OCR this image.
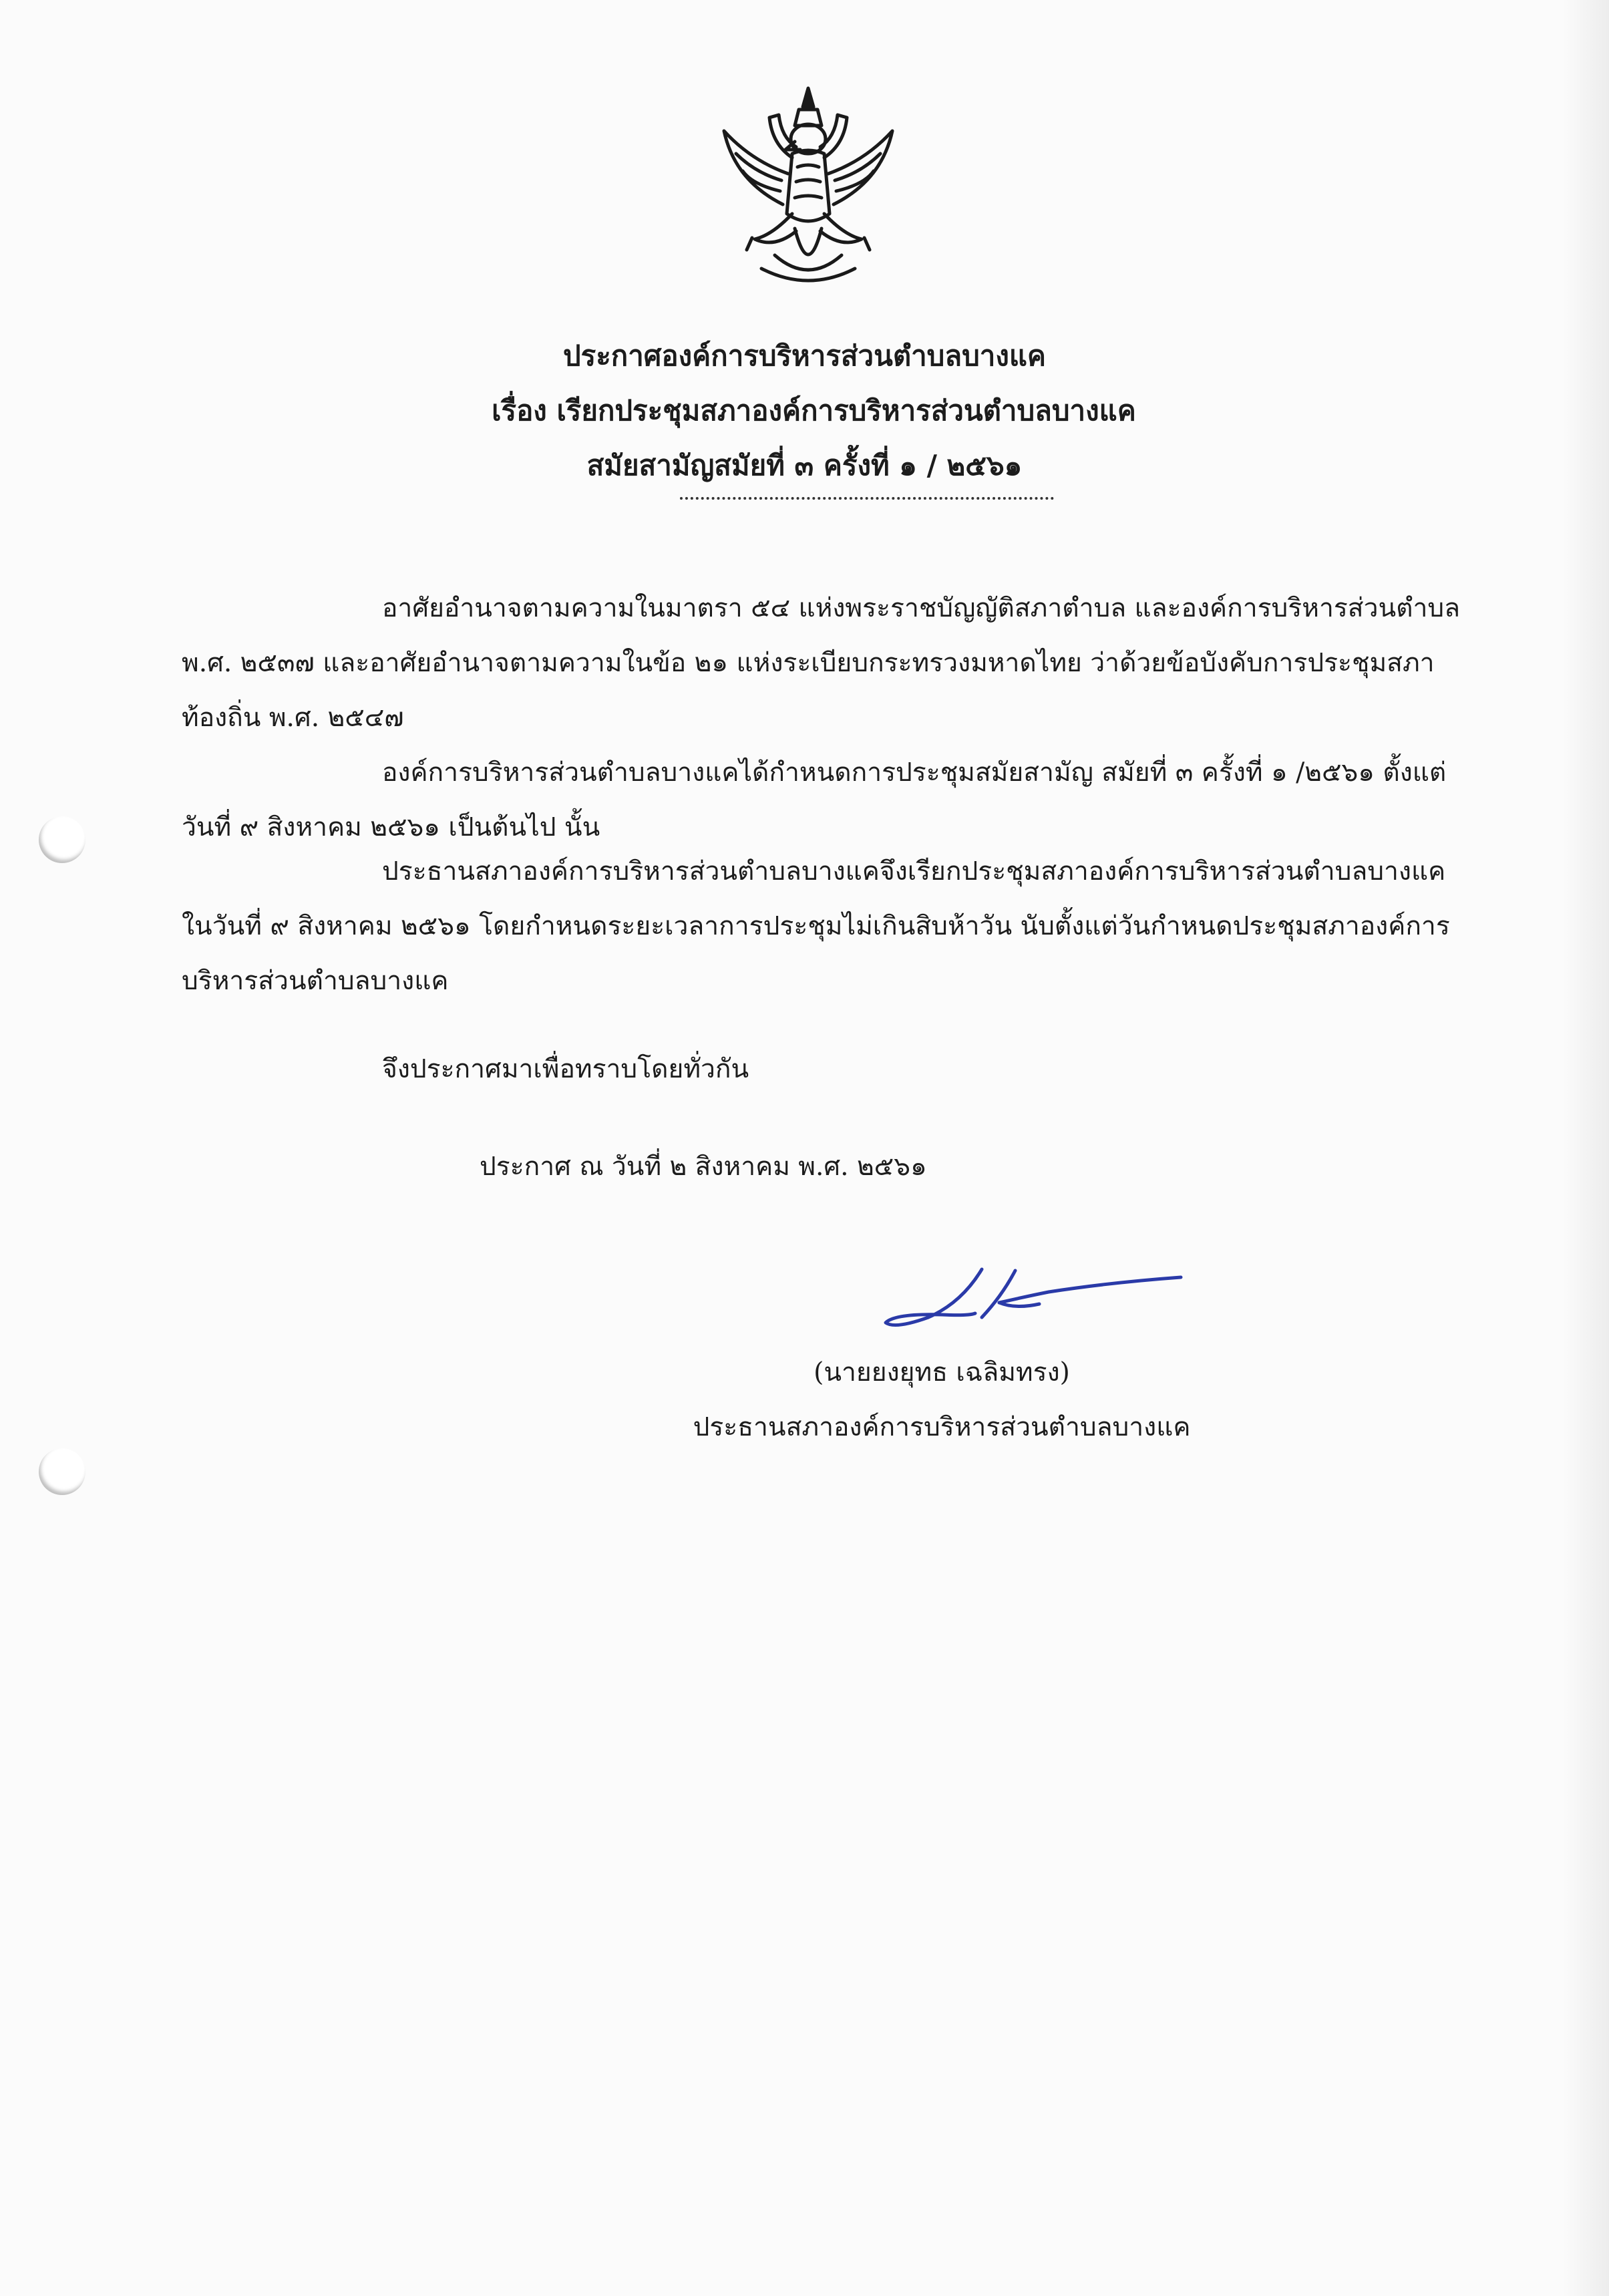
ประกาศองค์การบริหารส่วนตำบลบางแค
เรื่อง เรียกประชุมสภาองค์การบริหารส่วนตำบลบางแค
สมัยสามัญสมัยที่ ๓ ครั้งที่ ๑ / ๒๕๖๑
อาศัยอำนาจตามความในมาตรา ๕๔ แห่งพระราชบัญญัติสภาตำบล และองค์การบริหารส่วนตำบล
พ.ศ. ๒๕๓๗ และอาศัยอำนาจตามความในข้อ ๒๑ แห่งระเบียบกระทรวงมหาดไทย ว่าด้วยข้อบังคับการประชุมสภา
ท้องถิ่น พ.ศ. ๒๕๔๗
องค์การบริหารส่วนตำบลบางแคได้กำหนดการประชุมสมัยสามัญ สมัยที่ ๓ ครั้งที่ ๑ /๒๕๖๑ ตั้งแต่
วันที่ ๙ สิงหาคม ๒๕๖๑ เป็นต้นไป นั้น
ประธานสภาองค์การบริหารส่วนตำบลบางแคจึงเรียกประชุมสภาองค์การบริหารส่วนตำบลบางแค
ในวันที่ ๙ สิงหาคม ๒๕๖๑ โดยกำหนดระยะเวลาการประชุมไม่เกินสิบห้าวัน นับตั้งแต่วันกำหนดประชุมสภาองค์การ
บริหารส่วนตำบลบางแค
จึงประกาศมาเพื่อทราบโดยทั่วกัน
ประกาศ ณ วันที่ ๒ สิงหาคม พ.ศ. ๒๕๖๑
(นายยงยุทธ เฉลิมทรง)
ประธานสภาองค์การบริหารส่วนตำบลบางแค
